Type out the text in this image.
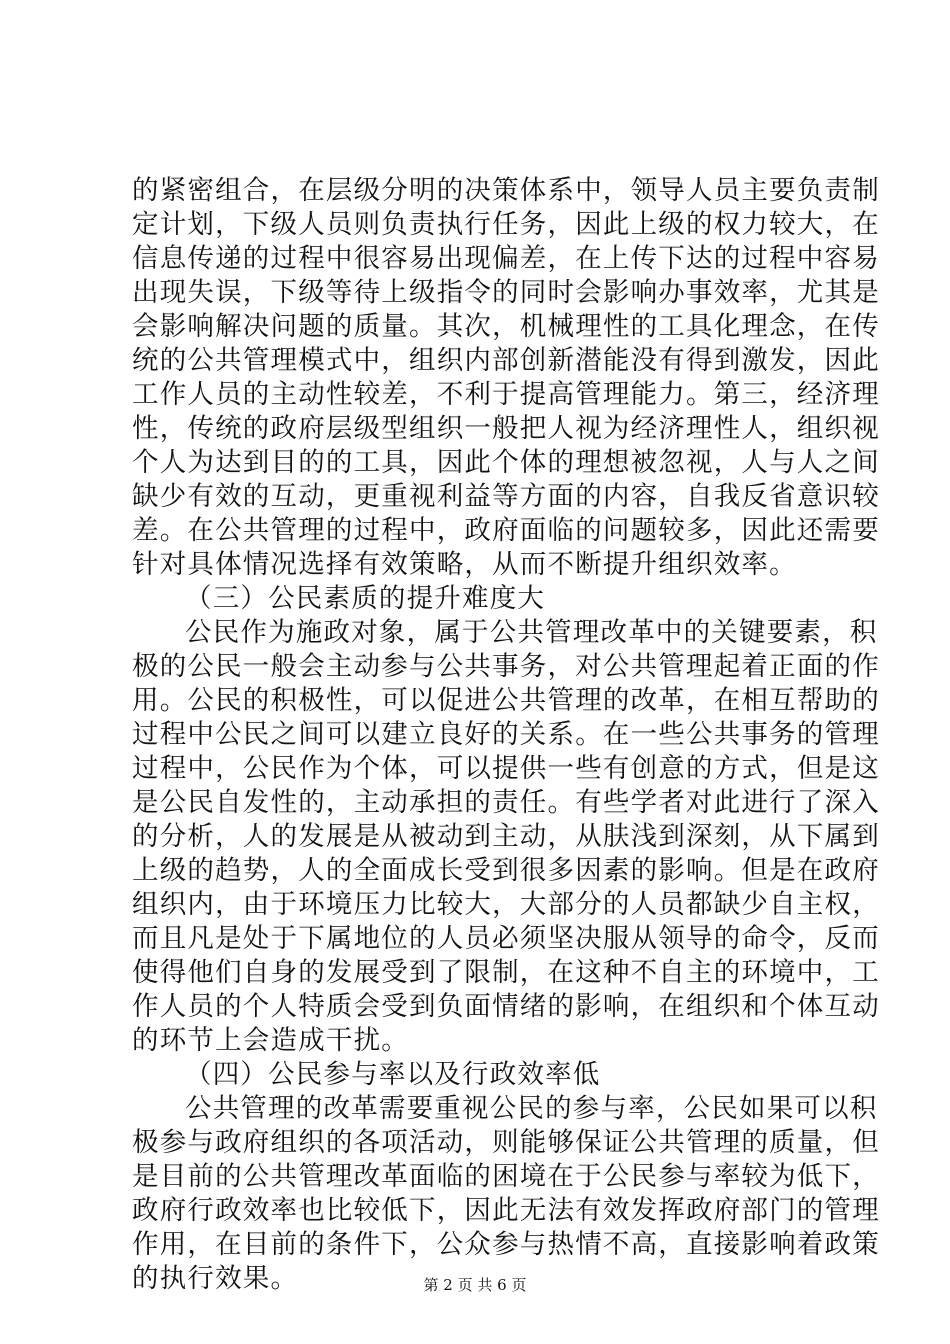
的紧密组合，在层级分明的决策体系中，领导人员主要负责制
定计划，下级人员则负责执行任务，因此上级的权力较大，在
信息传递的过程中很容易出现偏差，在上传下达的过程中容易
出现失误，下级等待上级指令的同时会影响办事效率，尤其是
会影响解决问题的质量。其次，机械理性的工具化理念，在传
统的公共管理模式中，组织内部创新潜能没有得到激发，因此
工作人员的主动性较差，不利于提高管理能力。第三，经济理
性，传统的政府层级型组织一般把人视为经济理性人，组织视
个人为达到目的的工具，因此个体的理想被忽视，人与人之间
缺少有效的互动，更重视利益等方面的内容，自我反省意识较
差。在公共管理的过程中，政府面临的问题较多，因此还需要
针对具体情况选择有效策略，从而不断提升组织效率。
（三）公民素质的提升难度大
公民作为施政对象，属于公共管理改革中的关键要素，积
极的公民一般会主动参与公共事务，对公共管理起着正面的作
用。公民的积极性，可以促进公共管理的改革，在相互帮助的
过程中公民之间可以建立良好的关系。在一些公共事务的管理
过程中，公民作为个体，可以提供一些有创意的方式，但是这
是公民自发性的，主动承担的责任。有些学者对此进行了深入
的分析，人的发展是从被动到主动，从肤浅到深刻，从下属到
上级的趋势，人的全面成长受到很多因素的影响。但是在政府
组织内，由于环境压力比较大，大部分的人员都缺少自主权，
而且凡是处于下属地位的人员必须坚决服从领导的命令，反而
使得他们自身的发展受到了限制，在这种不自主的环境中，工
作人员的个人特质会受到负面情绪的影响，在组织和个体互动
的环节上会造成干扰。
（四）公民参与率以及行政效率低
公共管理的改革需要重视公民的参与率，公民如果可以积
极参与政府组织的各项活动，则能够保证公共管理的质量，但
是目前的公共管理改革面临的困境在于公民参与率较为低下，
政府行政效率也比较低下，因此无法有效发挥政府部门的管理
作用，在目前的条件下，公众参与热情不高，直接影响着政策
的执行效果。	第 2 页 共 6 页
